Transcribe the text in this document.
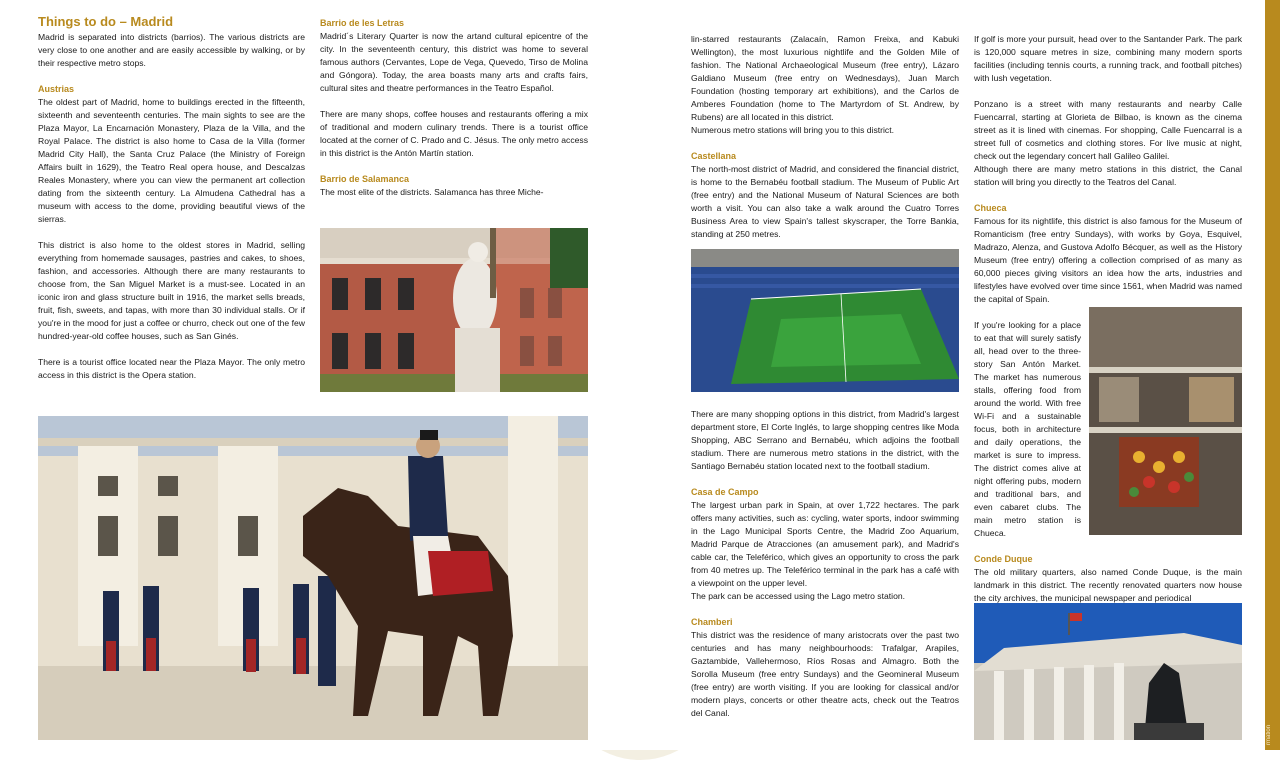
Things to do – Madrid

Madrid is separated into districts (barrios). The various districts are very close to one another and are easily accessible by walking, or by their respective metro stops.

Austrias

The oldest part of Madrid, home to buildings erected in the fifteenth, sixteenth and seventeenth centuries. The main sights to see are the Plaza Mayor, La Encarnación Monastery, Plaza de la Villa, and the Royal Palace. The district is also home to Casa de la Villa (former Madrid City Hall), the Santa Cruz Palace (the Ministry of Foreign Affairs built in 1629), the Teatro Real opera house, and Descalzas Reales Monastery, where you can view the permanent art collection dating from the sixteenth century. La Almudena Cathedral has a museum with access to the dome, providing beautiful views of the sierras.

This district is also home to the oldest stores in Madrid, selling everything from homemade sausages, pastries and cakes, to shoes, fashion, and accessories. Although there are many restaurants to choose from, the San Miguel Market is a must-see. Located in an iconic iron and glass structure built in 1916, the market sells breads, fruit, fish, sweets, and tapas, with more than 30 individual stalls. Or if you're in the mood for just a coffee or churro, check out one of the few hundred-year-old coffee houses, such as San Ginés.

There is a tourist office located near the Plaza Mayor. The only metro access in this district is the Opera station.

Barrio de les Letras

Madrid´s Literary Quarter is now the artand cultural epicentre of the city. In the seventeenth century, this district was home to several famous authors (Cervantes, Lope de Vega, Quevedo, Tirso de Molina and Góngora). Today, the area boasts many arts and crafts fairs, cultural sites and theatre performances in the Teatro Español.

There are many shops, coffee houses and restaurants offering a mix of traditional and modern culinary trends. There is a tourist office located at the corner of C. Prado and C. Jésus. The only metro access in this district is the Antón Martín station.

Barrio de Salamanca

The most elite of the districts. Salamanca has three Miche-

lin-starred restaurants (Zalacaín, Ramon Freixa, and Kabuki Wellington), the most luxurious nightlife and the Golden Mile of fashion. The National Archaeological Museum (free entry), Lázaro Galdiano Museum (free entry on Wednesdays), Juan March Foundation (hosting temporary art exhibitions), and the Carlos de Amberes Foundation (home to The Martyrdom of St. Andrew, by Rubens) are all located in this district.
Numerous metro stations will bring you to this district.

Castellana

The north-most district of Madrid, and considered the financial district, is home to the Bernabéu football stadium. The Museum of Public Art (free entry) and the National Museum of Natural Sciences are both worth a visit. You can also take a walk around the Cuatro Torres Business Area to view Spain's tallest skyscraper, the Torre Bankia, standing at 250 metres.

There are many shopping options in this district, from Madrid's largest department store, El Corte Inglés, to large shopping centres like Moda Shopping, ABC Serrano and Bernabéu, which adjoins the football stadium. There are numerous metro stations in the district, with the Santiago Bernabéu station located next to the football stadium.

Casa de Campo

The largest urban park in Spain, at over 1,722 hectares. The park offers many activities, such as: cycling, water sports, indoor swimming in the Lago Municipal Sports Centre, the Madrid Zoo Aquarium, Madrid Parque de Atracciones (an amusement park), and Madrid's cable car, the Teleférico, which gives an opportunity to cross the park from 40 metres up. The Teleférico terminal in the park has a café with a viewpoint on the upper level.
The park can be accessed using the Lago metro station.

Chamberi

This district was the residence of many aristocrats over the past two centuries and has many neighbourhoods: Trafalgar, Arapiles, Gaztambide, Vallehermoso, Ríos Rosas and Almagro. Both the Sorolla Museum (free entry Sundays) and the Geomineral Museum (free entry) are worth visiting. If you are looking for classical and/or modern plays, concerts or other theatre acts, check out the Teatros del Canal.

If golf is more your pursuit, head over to the Santander Park. The park is 120,000 square metres in size, combining many modern sports facilities (including tennis courts, a running track, and football pitches) with lush vegetation.

Ponzano is a street with many restaurants and nearby Calle Fuencarral, starting at Glorieta de Bilbao, is known as the cinema street as it is lined with cinemas. For shopping, Calle Fuencarral is a street full of cosmetics and clothing stores. For live music at night, check out the legendary concert hall Galileo Galilei.
Although there are many metro stations in this district, the Canal station will bring you directly to the Teatros del Canal.

Chueca

Famous for its nightlife, this district is also famous for the Museum of Romanticism (free entry Sundays), with works by Goya, Esquivel, Madrazo, Alenza, and Gustova Adolfo Bécquer, as well as the History Museum (free entry) offering a collection comprised of as many as 60,000 pieces giving visitors an idea how the arts, industries and lifestyles have evolved over time since 1561, when Madrid was named the capital of Spain.

If you're looking for a place to eat that will surely satisfy all, head over to the three-story San Antón Market. The market has numerous stalls, offering food from around the world. With free Wi-Fi and a sustainable focus, both in architecture and daily operations, the market is sure to impress. The district comes alive at night offering pubs, modern and traditional bars, and even cabaret clubs. The main metro station is Chueca.

Conde Duque

The old military quarters, also named Conde Duque, is the main landmark in this district. The recently renovated quarters now house the city archives, the municipal newspaper and periodical

rmation
